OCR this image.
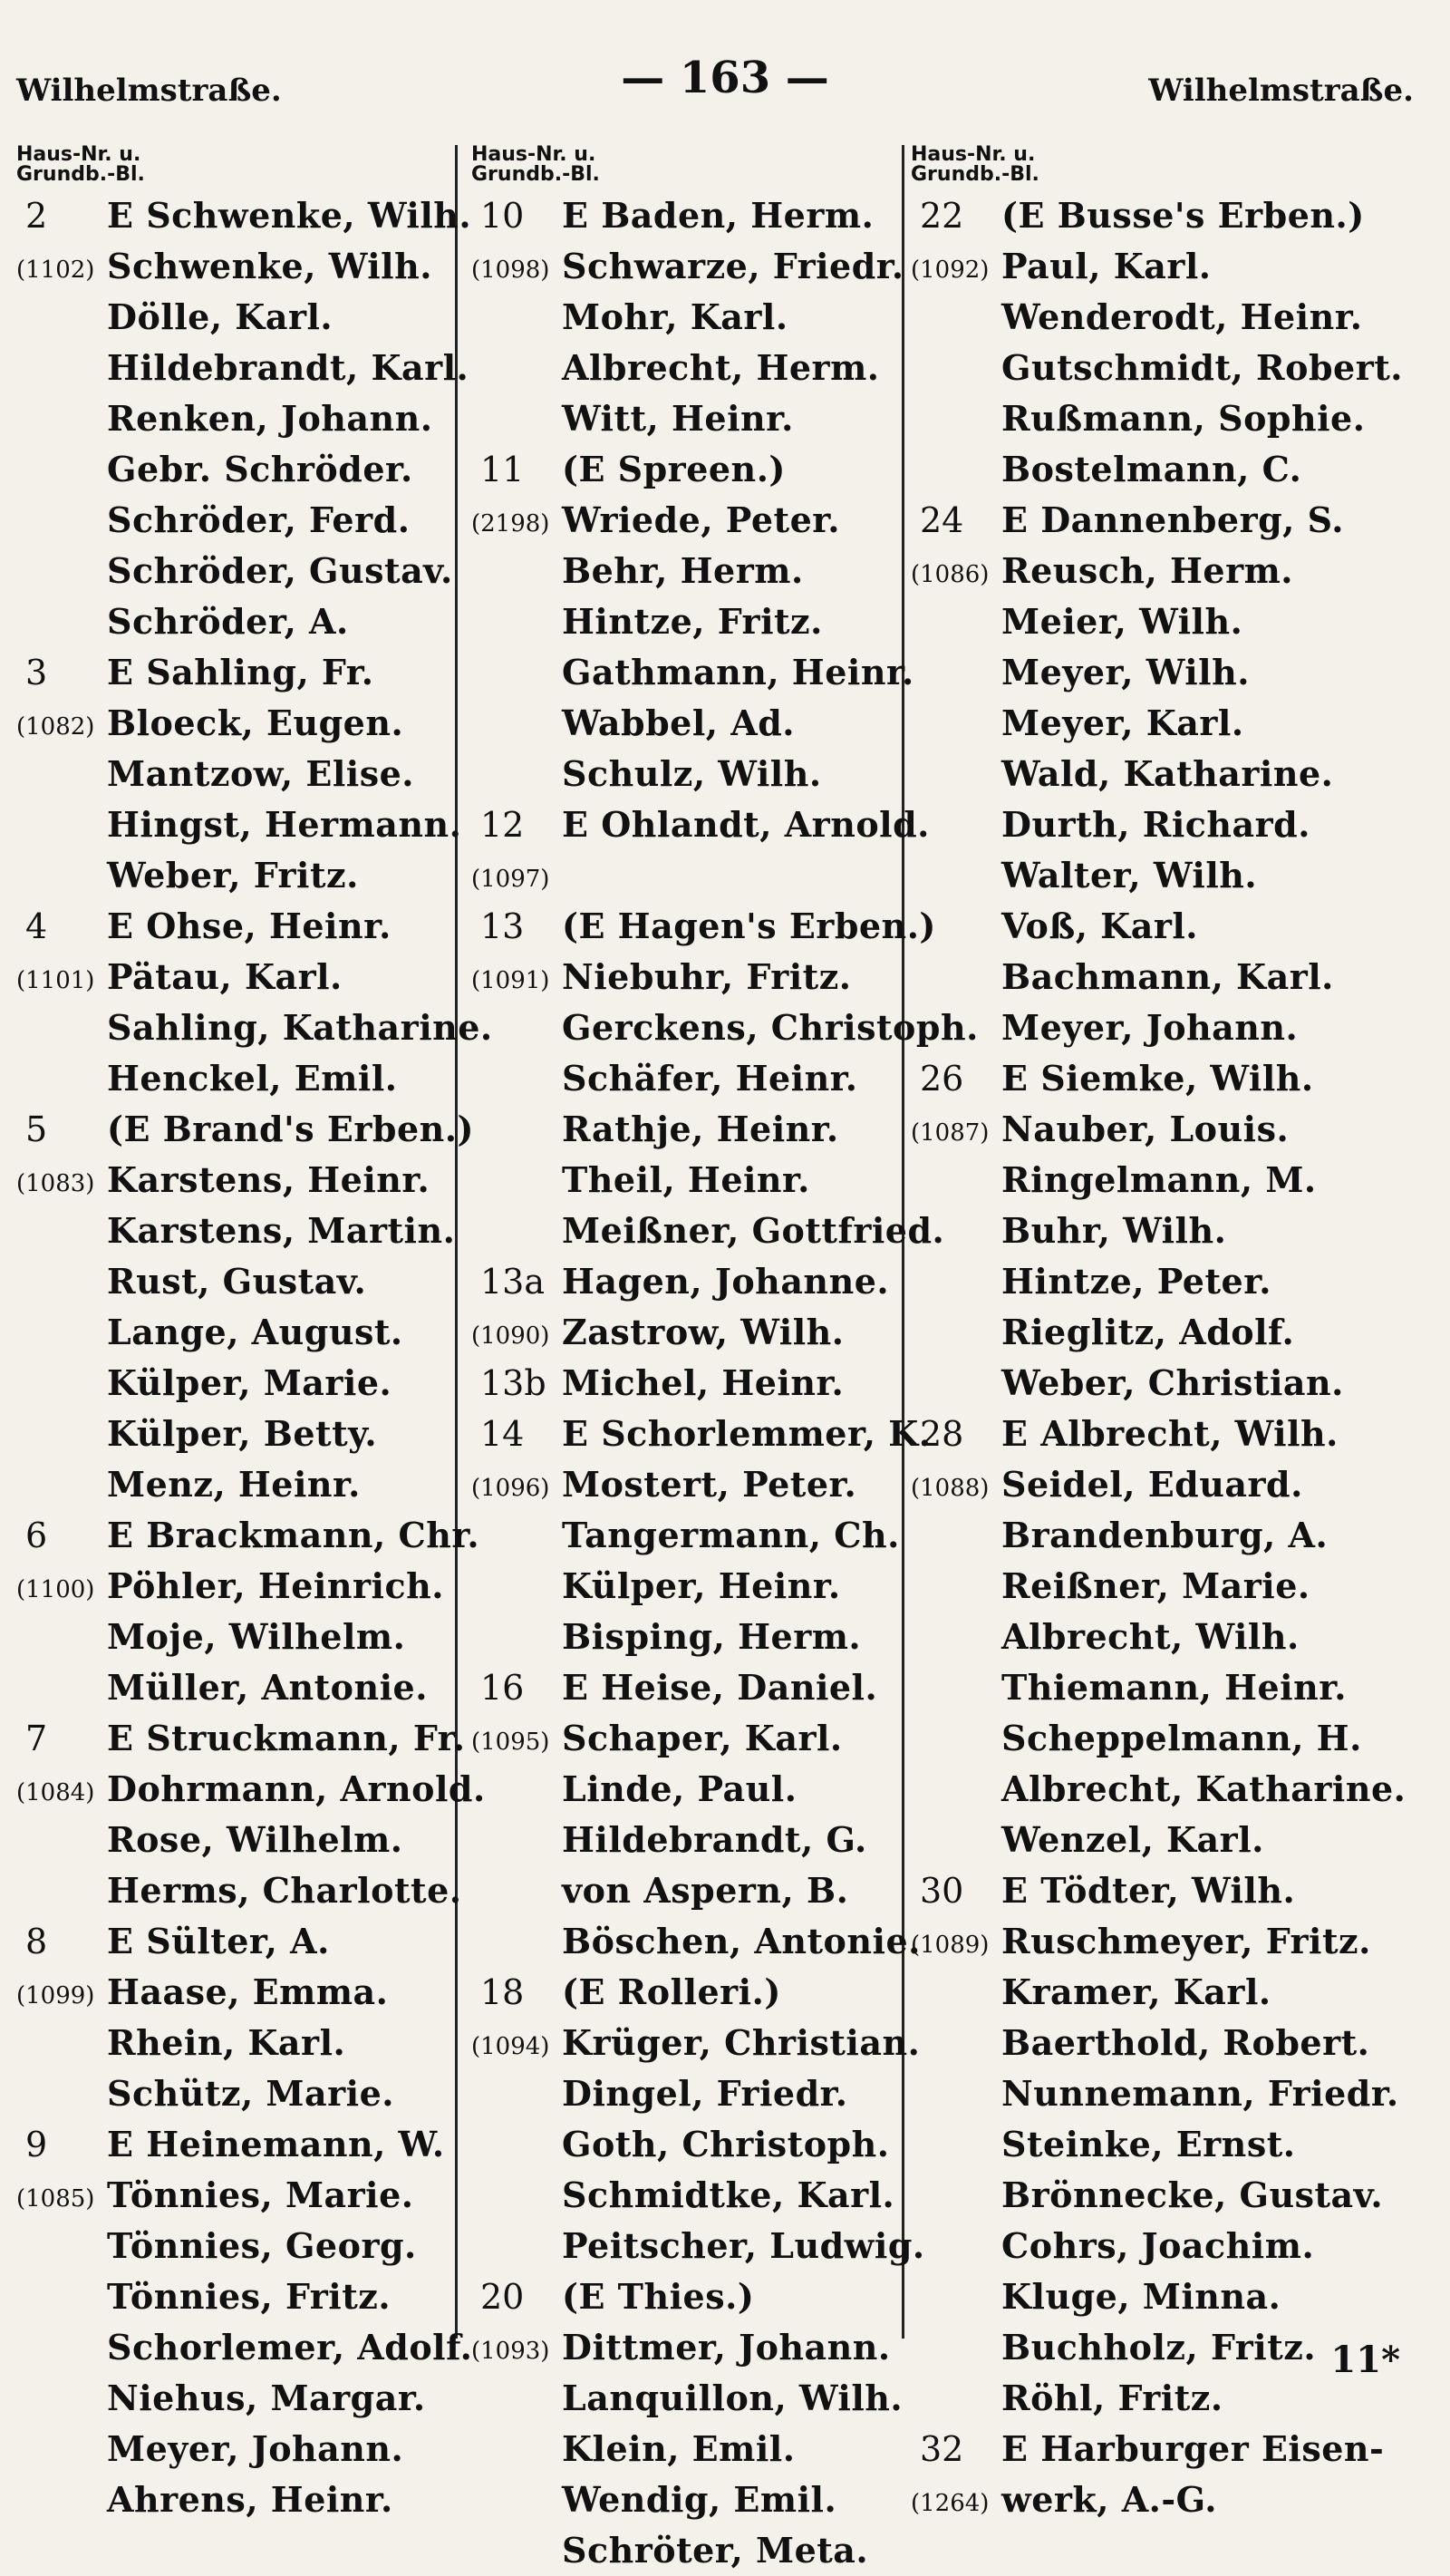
Wilhelmstraße.	— 163 —	Wilhelmstraße.
Haus-Nr. u.
Grundb.-Bl.
2 E Schwenke, Wilh.
(1102) Schwenke, Wilh.
Dölle, Karl.
Hildebrandt, Karl.
Renken, Johann.
Gebr. Schröder.
Schröder, Ferd.
Schröder, Gustav.
Schröder, A.
3 E Sahling, Fr.
(1082) Bloeck, Eugen.
Mantzow, Elise.
Hingst, Hermann.
Weber, Fritz.
4 E Ohse, Heinr.
(1101) Pätau, Karl.
Sahling, Katharine.
Henckel, Emil.
5 (E Brand's Erben.)
(1083) Karstens, Heinr.
Karstens, Martin.
Rust, Gustav.
Lange, August.
Külper, Marie.
Külper, Betty.
Menz, Heinr.
6 E Brackmann, Chr.
(1100) Pöhler, Heinrich.
Moje, Wilhelm.
Müller, Antonie.
7 E Struckmann, Fr.
(1084) Dohrmann, Arnold.
Rose, Wilhelm.
Herms, Charlotte.
8 E Sülter, A.
(1099) Haase, Emma.
Rhein, Karl.
Schütz, Marie.
9 E Heinemann, W.
(1085) Tönnies, Marie.
Tönnies, Georg.
Tönnies, Fritz.
Schorlemer, Adolf.
Niehus, Margar.
Meyer, Johann.
Ahrens, Heinr.
Haus-Nr. u.
Grundb.-Bl.
10 E Baden, Herm.
(1098) Schwarze, Friedr.
Mohr, Karl.
Albrecht, Herm.
Witt, Heinr.
11 (E Spreen.)
(2198) Wriede, Peter.
Behr, Herm.
Hintze, Fritz.
Gathmann, Heinr.
Wabbel, Ad.
Schulz, Wilh.
12 E Ohlandt, Arnold.
(1097)
13 (E Hagen's Erben.)
(1091) Niebuhr, Fritz.
Gerckens, Christoph.
Schäfer, Heinr.
Rathje, Heinr.
Theil, Heinr.
Meißner, Gottfried.
13a Hagen, Johanne.
(1090) Zastrow, Wilh.
13b Michel, Heinr.
14 E Schorlemmer, K.
(1096) Mostert, Peter.
Tangermann, Ch.
Külper, Heinr.
Bisping, Herm.
16 E Heise, Daniel.
(1095) Schaper, Karl.
Linde, Paul.
Hildebrandt, G.
von Aspern, B.
Böschen, Antonie.
18 (E Rolleri.)
(1094) Krüger, Christian.
Dingel, Friedr.
Goth, Christoph.
Schmidtke, Karl.
Peitscher, Ludwig.
20 (E Thies.)
(1093) Dittmer, Johann.
Lanquillon, Wilh.
Klein, Emil.
Wendig, Emil.
Schröter, Meta.
Haus-Nr. u.
Grundb.-Bl.
22 (E Busse's Erben.)
(1092) Paul, Karl.
Wenderodt, Heinr.
Gutschmidt, Robert.
Rußmann, Sophie.
Bostelmann, C.
24 E Dannenberg, S.
(1086) Reusch, Herm.
Meier, Wilh.
Meyer, Wilh.
Meyer, Karl.
Wald, Katharine.
Durth, Richard.
Walter, Wilh.
Voß, Karl.
Bachmann, Karl.
Meyer, Johann.
26 E Siemke, Wilh.
(1087) Nauber, Louis.
Ringelmann, M.
Buhr, Wilh.
Hintze, Peter.
Rieglitz, Adolf.
Weber, Christian.
28 E Albrecht, Wilh.
(1088) Seidel, Eduard.
Brandenburg, A.
Reißner, Marie.
Albrecht, Wilh.
Thiemann, Heinr.
Scheppelmann, H.
Albrecht, Katharine.
Wenzel, Karl.
30 E Tödter, Wilh.
(1089) Ruschmeyer, Fritz.
Kramer, Karl.
Baerthold, Robert.
Nunnemann, Friedr.
Steinke, Ernst.
Brönnecke, Gustav.
Cohrs, Joachim.
Kluge, Minna.
Buchholz, Fritz.
Röhl, Fritz.
32 E Harburger Eisen-
(1264) werk, A.-G.
11*
